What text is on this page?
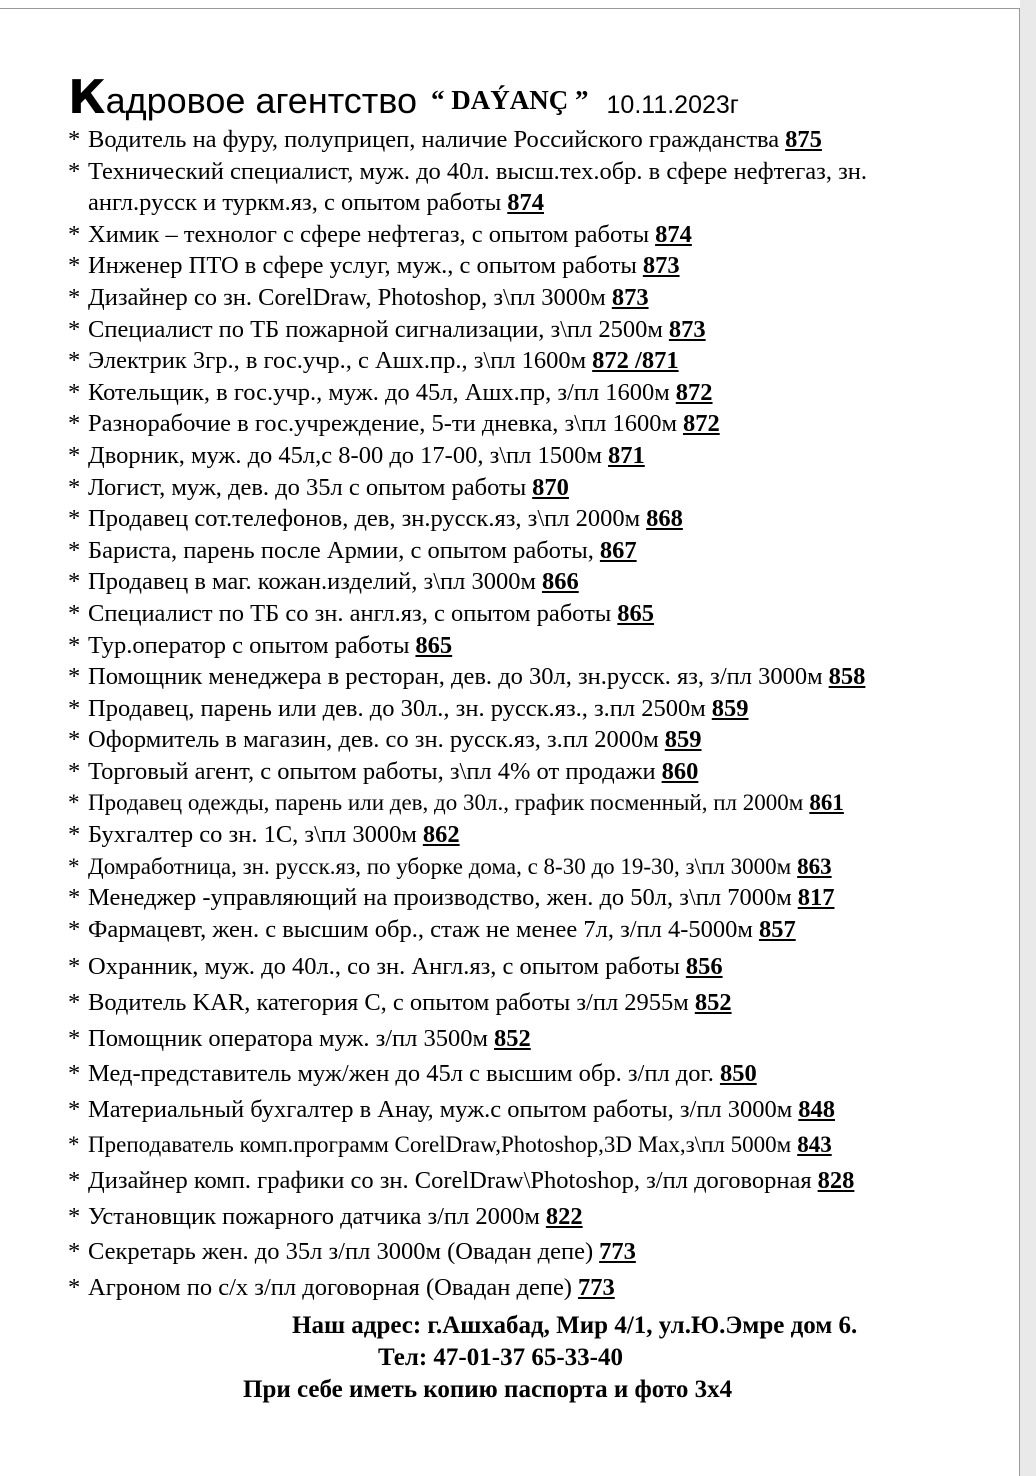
Кадровое агентство “ DAÝANÇ ” 10.11.2023г
* Водитель на фуру, полуприцеп, наличие Российского гражданства 875
* Технический специалист, муж. до 40л. высш.тех.обр. в сфере нефтегаз, зн. англ.русск и туркм.яз, с опытом работы 874
* Химик – технолог с сфере нефтегаз, с опытом работы 874
* Инженер ПТО в сфере услуг, муж., с опытом работы 873
* Дизайнер со зн. CorelDraw, Photoshop, з\пл 3000м 873
* Специалист по ТБ пожарной сигнализации, з\пл 2500м 873
* Электрик 3гр., в гос.учр., с Ашх.пр., з\пл 1600м 872 /871
* Котельщик, в гос.учр., муж. до 45л, Ашх.пр, з/пл 1600м 872
* Разнорабочие в гос.учреждение, 5-ти дневка, з\пл 1600м 872
* Дворник, муж. до 45л,с 8-00 до 17-00, з\пл 1500м 871
* Логист, муж, дев. до 35л с опытом работы 870
* Продавец сот.телефонов, дев, зн.русск.яз, з\пл 2000м 868
* Бариста, парень после Армии, с опытом работы, 867
* Продавец в маг. кожан.изделий, з\пл 3000м 866
* Специалист по ТБ со зн. англ.яз, с опытом работы 865
* Тур.оператор с опытом работы 865
* Помощник менеджера в ресторан, дев. до 30л, зн.русск. яз, з/пл 3000м 858
* Продавец, парень или дев. до 30л., зн. русск.яз., з.пл 2500м 859
* Оформитель в магазин, дев. со зн. русск.яз, з.пл 2000м 859
* Торговый агент, с опытом работы, з\пл 4% от продажи 860
* Продавец одежды, парень или дев, до 30л., график посменный, пл 2000м 861
* Бухгалтер со зн. 1С, з\пл 3000м 862
* Домработница, зн. русск.яз, по уборке дома, с 8-30 до 19-30, з\пл 3000м 863
* Менеджер -управляющий на производство, жен. до 50л, з\пл 7000м 817
* Фармацевт, жен. с высшим обр., стаж не менее 7л, з/пл 4-5000м 857
* Охранник, муж. до 40л., со зн. Англ.яз, с опытом работы 856
* Водитель KAR, категория С, с опытом работы з/пл 2955м 852
* Помощник оператора муж. з/пл 3500м 852
* Мед-представитель муж/жен до 45л с высшим обр. з/пл дог. 850
* Материальный бухгалтер в Анау, муж.с опытом работы, з/пл 3000м 848
* Преподаватель комп.программ CorelDraw,Photoshop,3D Max,з\пл 5000м 843
* Дизайнер комп. графики со зн. CorelDraw\Photoshop, з/пл договорная 828
* Установщик пожарного датчика з/пл 2000м 822
* Секретарь жен. до 35л з/пл 3000м (Овадан депе) 773
* Агроном по с/х з/пл договорная (Овадан депе) 773
Наш адрес: г.Ашхабад, Мир 4/1, ул.Ю.Эмре дом 6.
Тел: 47-01-37 65-33-40
При себе иметь копию паспорта и фото 3х4
